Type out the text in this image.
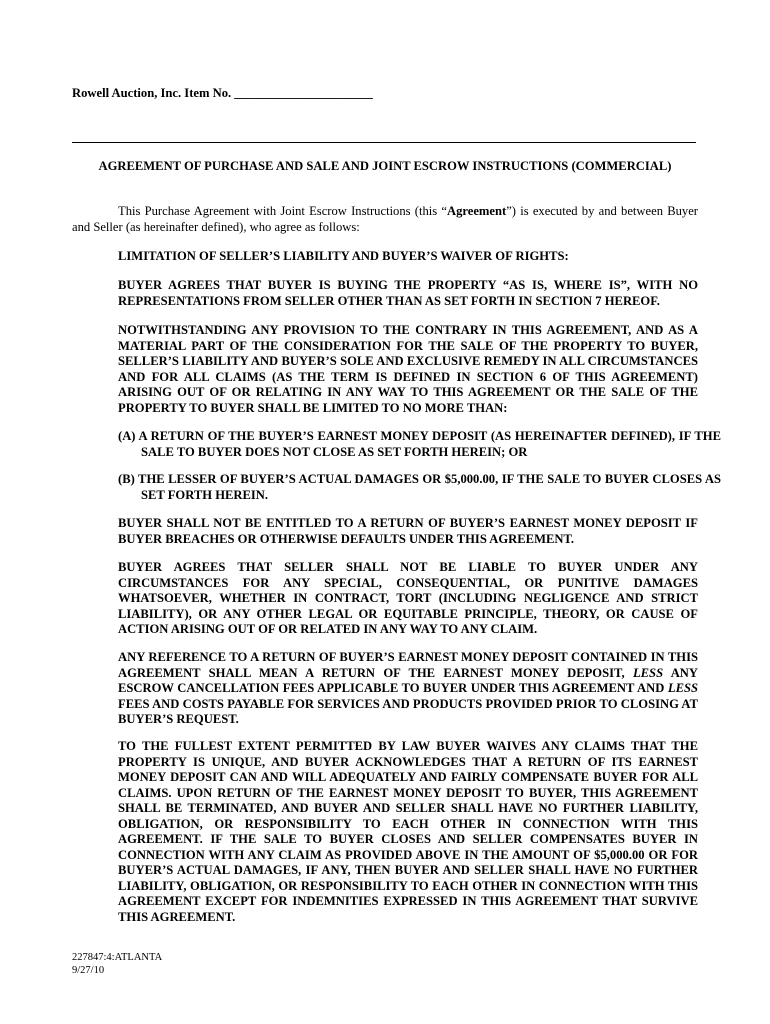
Rowell Auction, Inc. Item No. ______________________
AGREEMENT OF PURCHASE AND SALE AND JOINT ESCROW INSTRUCTIONS (COMMERCIAL)
This Purchase Agreement with Joint Escrow Instructions (this “Agreement”) is executed by and between Buyer and Seller (as hereinafter defined), who agree as follows:
LIMITATION OF SELLER’S LIABILITY AND BUYER’S WAIVER OF RIGHTS:
BUYER AGREES THAT BUYER IS BUYING THE PROPERTY “AS IS, WHERE IS”, WITH NO REPRESENTATIONS FROM SELLER OTHER THAN AS SET FORTH IN SECTION 7 HEREOF.
NOTWITHSTANDING ANY PROVISION TO THE CONTRARY IN THIS AGREEMENT, AND AS A MATERIAL PART OF THE CONSIDERATION FOR THE SALE OF THE PROPERTY TO BUYER, SELLER’S LIABILITY AND BUYER’S SOLE AND EXCLUSIVE REMEDY IN ALL CIRCUMSTANCES AND FOR ALL CLAIMS (AS THE TERM IS DEFINED IN SECTION 6 OF THIS AGREEMENT) ARISING OUT OF OR RELATING IN ANY WAY TO THIS AGREEMENT OR THE SALE OF THE PROPERTY TO BUYER SHALL BE LIMITED TO NO MORE THAN:
(A) A RETURN OF THE BUYER’S EARNEST MONEY DEPOSIT (AS HEREINAFTER DEFINED), IF THE SALE TO BUYER DOES NOT CLOSE AS SET FORTH HEREIN; OR
(B) THE LESSER OF BUYER’S ACTUAL DAMAGES OR $5,000.00, IF THE SALE TO BUYER CLOSES AS SET FORTH HEREIN.
BUYER SHALL NOT BE ENTITLED TO A RETURN OF BUYER’S EARNEST MONEY DEPOSIT IF BUYER BREACHES OR OTHERWISE DEFAULTS UNDER THIS AGREEMENT.
BUYER AGREES THAT SELLER SHALL NOT BE LIABLE TO BUYER UNDER ANY CIRCUMSTANCES FOR ANY SPECIAL, CONSEQUENTIAL, OR PUNITIVE DAMAGES WHATSOEVER, WHETHER IN CONTRACT, TORT (INCLUDING NEGLIGENCE AND STRICT LIABILITY), OR ANY OTHER LEGAL OR EQUITABLE PRINCIPLE, THEORY, OR CAUSE OF ACTION ARISING OUT OF OR RELATED IN ANY WAY TO ANY CLAIM.
ANY REFERENCE TO A RETURN OF BUYER’S EARNEST MONEY DEPOSIT CONTAINED IN THIS AGREEMENT SHALL MEAN A RETURN OF THE EARNEST MONEY DEPOSIT, LESS ANY ESCROW CANCELLATION FEES APPLICABLE TO BUYER UNDER THIS AGREEMENT AND LESS FEES AND COSTS PAYABLE FOR SERVICES AND PRODUCTS PROVIDED PRIOR TO CLOSING AT BUYER’S REQUEST.
TO THE FULLEST EXTENT PERMITTED BY LAW BUYER WAIVES ANY CLAIMS THAT THE PROPERTY IS UNIQUE, AND BUYER ACKNOWLEDGES THAT A RETURN OF ITS EARNEST MONEY DEPOSIT CAN AND WILL ADEQUATELY AND FAIRLY COMPENSATE BUYER FOR ALL CLAIMS. UPON RETURN OF THE EARNEST MONEY DEPOSIT TO BUYER, THIS AGREEMENT SHALL BE TERMINATED, AND BUYER AND SELLER SHALL HAVE NO FURTHER LIABILITY, OBLIGATION, OR RESPONSIBILITY TO EACH OTHER IN CONNECTION WITH THIS AGREEMENT. IF THE SALE TO BUYER CLOSES AND SELLER COMPENSATES BUYER IN CONNECTION WITH ANY CLAIM AS PROVIDED ABOVE IN THE AMOUNT OF $5,000.00 OR FOR BUYER’S ACTUAL DAMAGES, IF ANY, THEN BUYER AND SELLER SHALL HAVE NO FURTHER LIABILITY, OBLIGATION, OR RESPONSIBILITY TO EACH OTHER IN CONNECTION WITH THIS AGREEMENT EXCEPT FOR INDEMNITIES EXPRESSED IN THIS AGREEMENT THAT SURVIVE THIS AGREEMENT.
227847:4:ATLANTA
9/27/10
